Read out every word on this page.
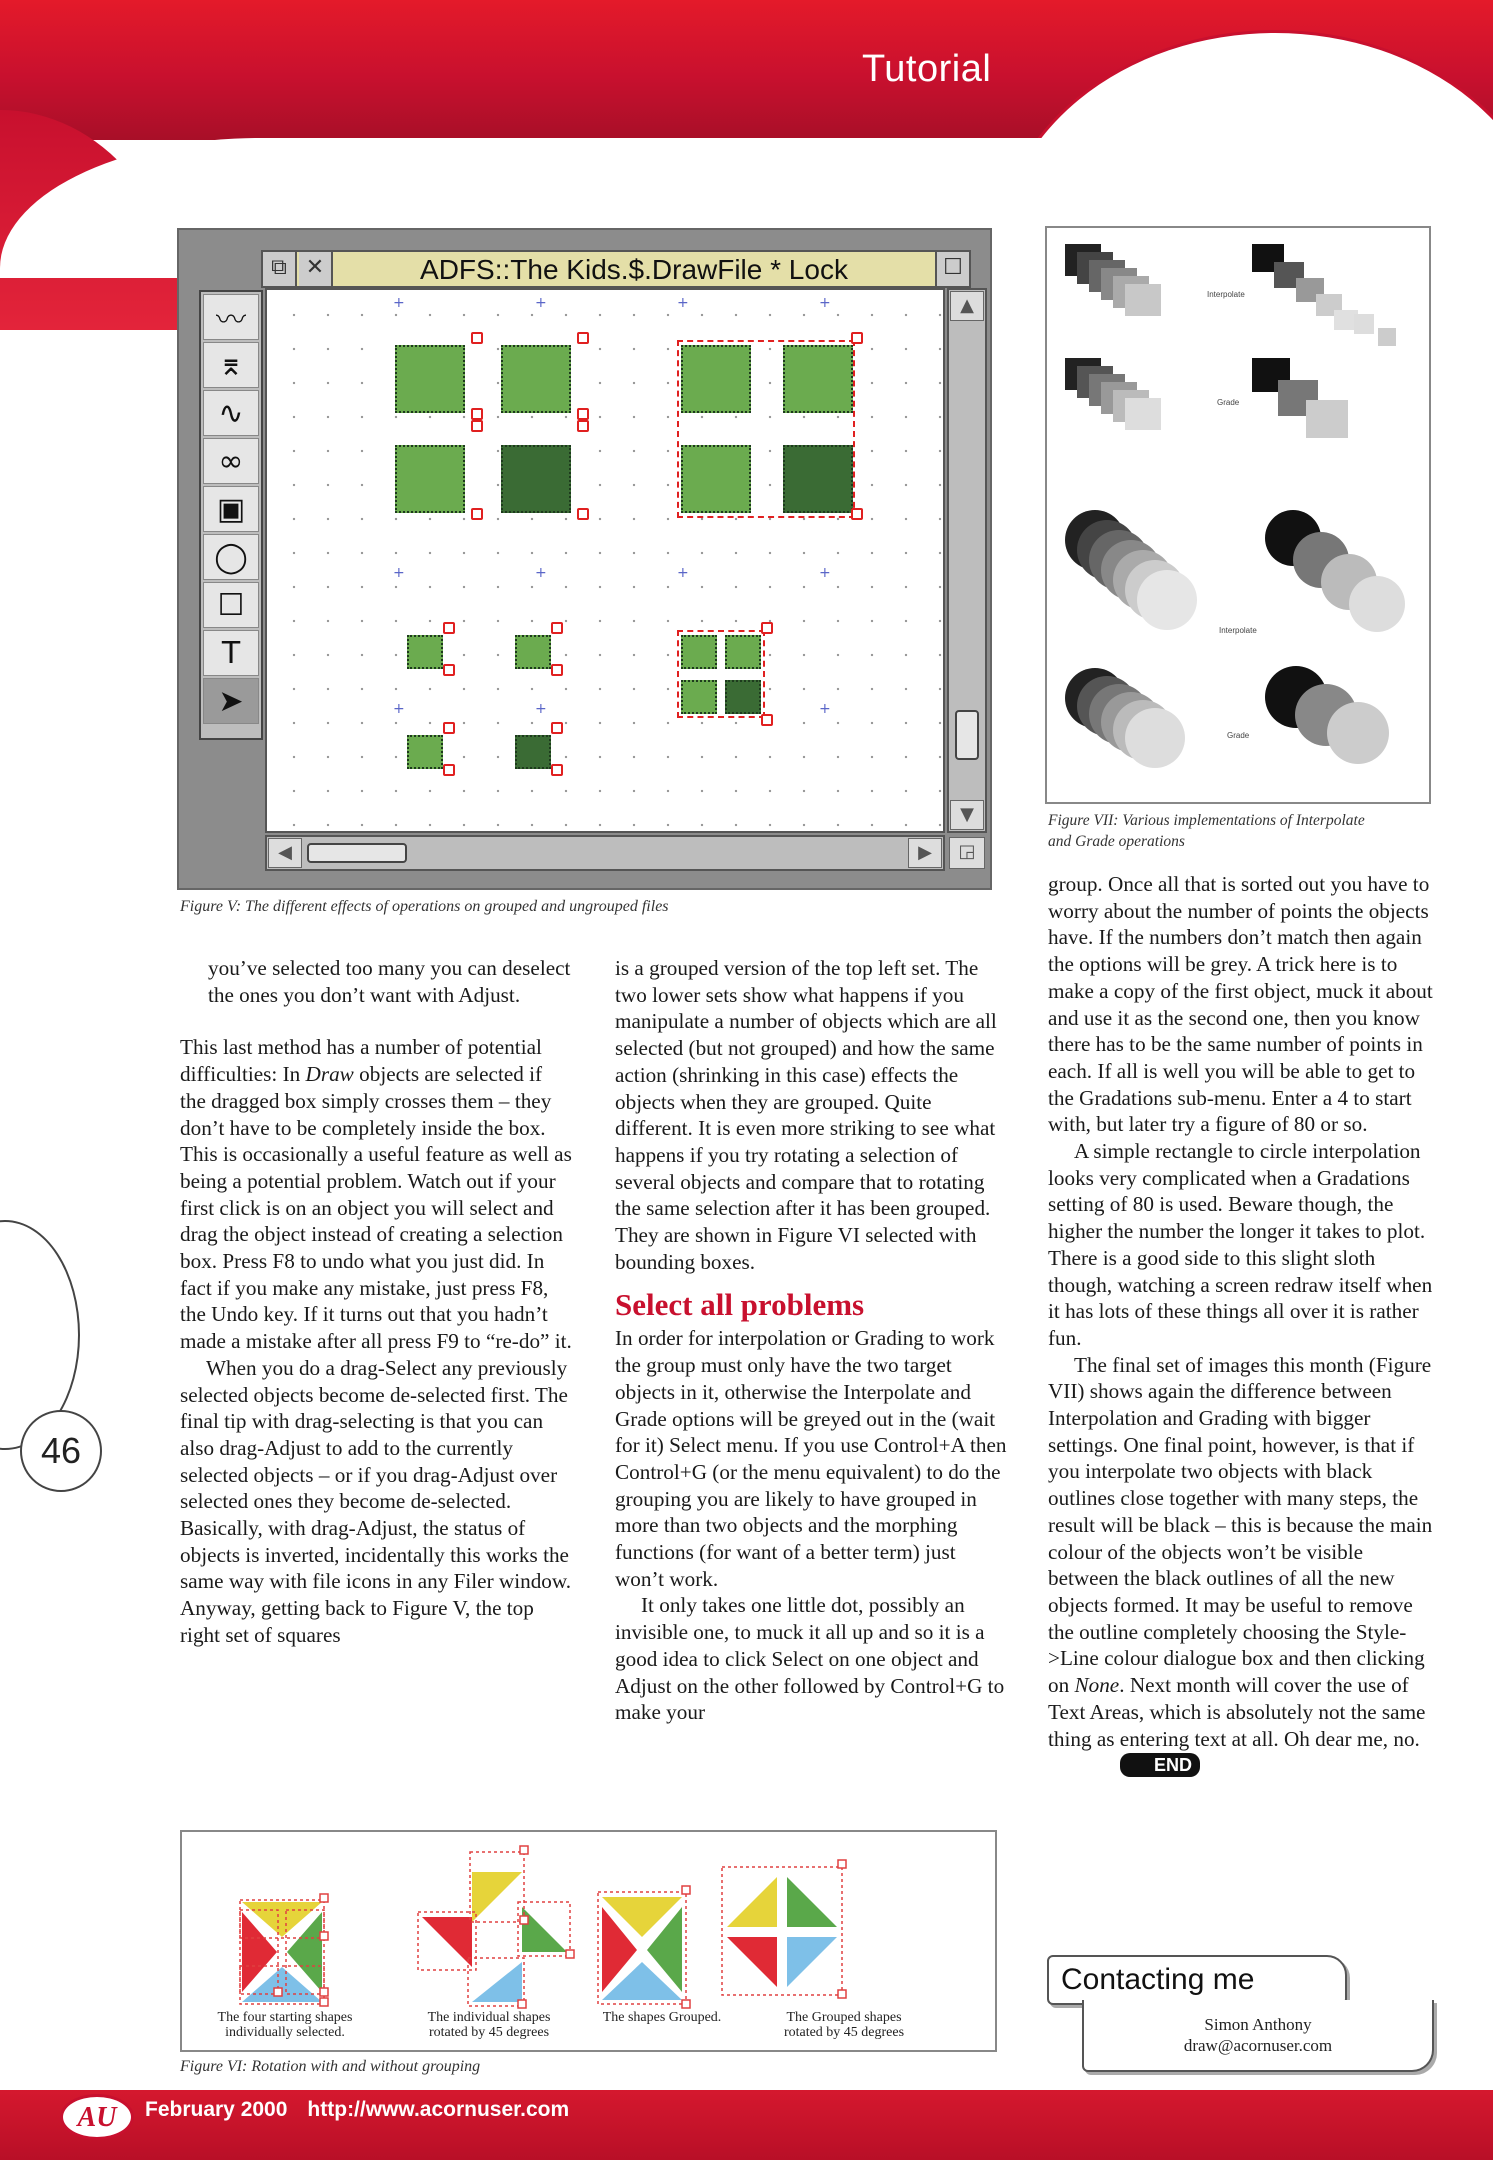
Tutorial
⧉ ✕	ADFS::The Kids.$.DrawFile * Lock	☐
〰
⌆
∿
∞
▣
◯
☐
T
➤
+	+	+	+
+	+	+	+
+	+	+
▲
▼
◀	▶	◲
Figure V: The different effects of operations on grouped and ungrouped files
Interpolate
Grade
Interpolate
Grade
Figure VII: Various implementations of Interpolate
and Grade operations

you’ve selected too many you can deselect the ones you don’t want with Adjust.

This last method has a number of potential difficulties: In Draw objects are selected if the dragged box simply crosses them – they don’t have to be completely inside the box. This is occasionally a useful feature as well as being a potential problem. Watch out if your first click is on an object you will select and drag the object instead of creating a selection box. Press F8 to undo what you just did. In fact if you make any mistake, just press F8, the Undo key. If it turns out that you hadn’t made a mistake after all press F9 to “re-do” it.

When you do a drag-Select any previously selected objects become de-selected first. The final tip with drag-selecting is that you can also drag-Adjust to add to the currently selected objects – or if you drag-Adjust over selected ones they become de-selected. Basically, with drag-Adjust, the status of objects is inverted, incidentally this works the same way with file icons in any Filer window. Anyway, getting back to Figure V, the top right set of squares

is a grouped version of the top left set. The two lower sets show what happens if you manipulate a number of objects which are all selected (but not grouped) and how the same action (shrinking in this case) effects the objects when they are grouped. Quite different. It is even more striking to see what happens if you try rotating a selection of several objects and compare that to rotating the same selection after it has been grouped. They are shown in Figure VI selected with bounding boxes.

Select all problems

In order for interpolation or Grading to work the group must only have the two target objects in it, otherwise the Interpolate and Grade options will be greyed out in the (wait for it) Select menu. If you use Control+A then Control+G (or the menu equivalent) to do the grouping you are likely to have grouped in more than two objects and the morphing functions (for want of a better term) just won’t work.

It only takes one little dot, possibly an invisible one, to muck it all up and so it is a good idea to click Select on one object and Adjust on the other followed by Control+G to make your

group. Once all that is sorted out you have to worry about the number of points the objects have. If the numbers don’t match then again the options will be grey. A trick here is to make a copy of the first object, muck it about and use it as the second one, then you know there has to be the same number of points in each. If all is well you will be able to get to the Gradations sub-menu. Enter a 4 to start with, but later try a figure of 80 or so.

A simple rectangle to circle interpolation looks very complicated when a Gradations setting of 80 is used. Beware though, the higher the number the longer it takes to plot. There is a good side to this slight sloth though, watching a screen redraw itself when it has lots of these things all over it is rather fun.

The final set of images this month (Figure VII) shows again the difference between Interpolation and Grading with bigger settings. One final point, however, is that if you interpolate two objects with black outlines close together with many steps, the result will be black – this is because the main colour of the objects won’t be visible between the black outlines of all the new objects formed. It may be useful to remove the outline completely choosing the Style->Line colour dialogue box and then clicking on None. Next month will cover the use of Text Areas, which is absolutely not the same thing as entering text at all. Oh dear me, no.END

The four starting shapes
individually selected.
The individual shapes
rotated by 45 degrees
The shapes Grouped.	The Grouped shapes
rotated by 45 degrees
Figure VI: Rotation with and without grouping
Contacting me
Simon Anthony
draw@acornuser.com
46
AU	February 2000 http://www.acornuser.com
